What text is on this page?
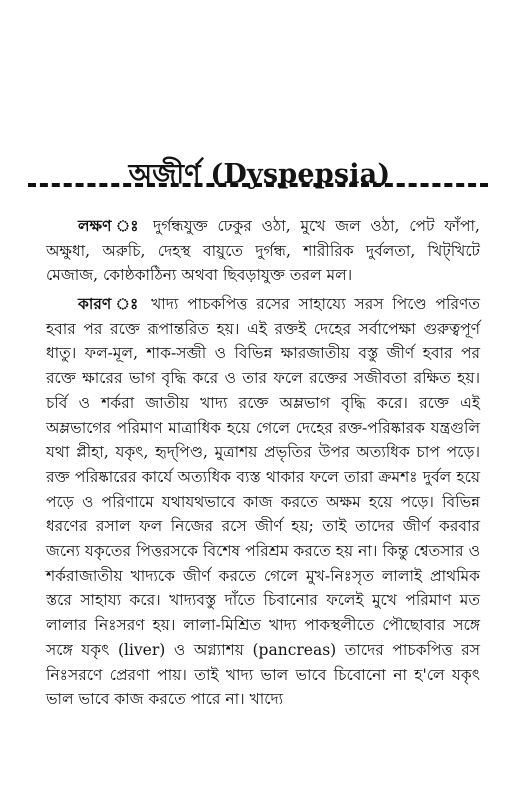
অজীর্ণ (Dyspepsia)

লক্ষণ ঃ দুর্গন্ধযুক্ত ঢেকুর ওঠা, মুখে জল ওঠা, পেট ফাঁপা, অক্ষুধা, অরুচি, দেহস্থ বায়ুতে দুর্গন্ধ, শারীরিক দুর্বলতা, খিট্‌খিটে মেজাজ, কোষ্ঠকাঠিন্য অথবা ছিবড়াযুক্ত তরল মল।

কারণ ঃ খাদ্য পাচকপিত্ত রসের সাহায্যে সরস পিণ্ডে পরিণত হবার পর রক্তে রূপান্তরিত হয়। এই রক্তই দেহের সর্বাপেক্ষা গুরুত্বপূর্ণ ধাতু। ফল-মূল, শাক-সব্জী ও বিভিন্ন ক্ষারজাতীয় বস্তু জীর্ণ হবার পর রক্তে ক্ষারের ভাগ বৃদ্ধি করে ও তার ফলে রক্তের সজীবতা রক্ষিত হয়। চর্বি ও শর্করা জাতীয় খাদ্য রক্তে অম্লভাগ বৃদ্ধি করে। রক্তে এই অম্লভাগের পরিমাণ মাত্রাধিক হয়ে গেলে দেহের রক্ত-পরিষ্কারক যন্ত্রগুলি যথা প্লীহা, যকৃৎ, হৃদ্‌পিণ্ড, মুত্রাশয় প্রভৃতির উপর অত্যধিক চাপ পড়ে। রক্ত পরিষ্কারের কার্যে অত্যধিক ব্যস্ত থাকার ফলে তারা ক্রমশঃ দুর্বল হয়ে পড়ে ও পরিণামে যথাযথভাবে কাজ করতে অক্ষম হয়ে পড়ে। বিভিন্ন ধরণের রসাল ফল নিজের রসে জীর্ণ হয়; তাই তাদের জীর্ণ করবার জন্যে যকৃতের পিত্তরসকে বিশেষ পরিশ্রম করতে হয় না। কিন্তু শ্বেতসার ও শর্করাজাতীয় খাদ্যকে জীর্ণ করতে গেলে মুখ-নিঃসৃত লালাই প্রাথমিক স্তরে সাহায্য করে। খাদ্যবস্তু দাঁতে চিবানোর ফলেই মুখে পরিমাণ মত লালার নিঃসরণ হয়। লালা-মিশ্রিত খাদ্য পাকস্থলীতে পৌছোবার সঙ্গে সঙ্গে যকৃৎ (liver) ও অগ্ন্যাশয় (pancreas) তাদের পাচকপিত্ত রস নিঃসরণে প্রেরণা পায়। তাই খাদ্য ভাল ভাবে চিবোনো না হ'লে যকৃৎ ভাল ভাবে কাজ করতে পারে না। খাদ্যে
